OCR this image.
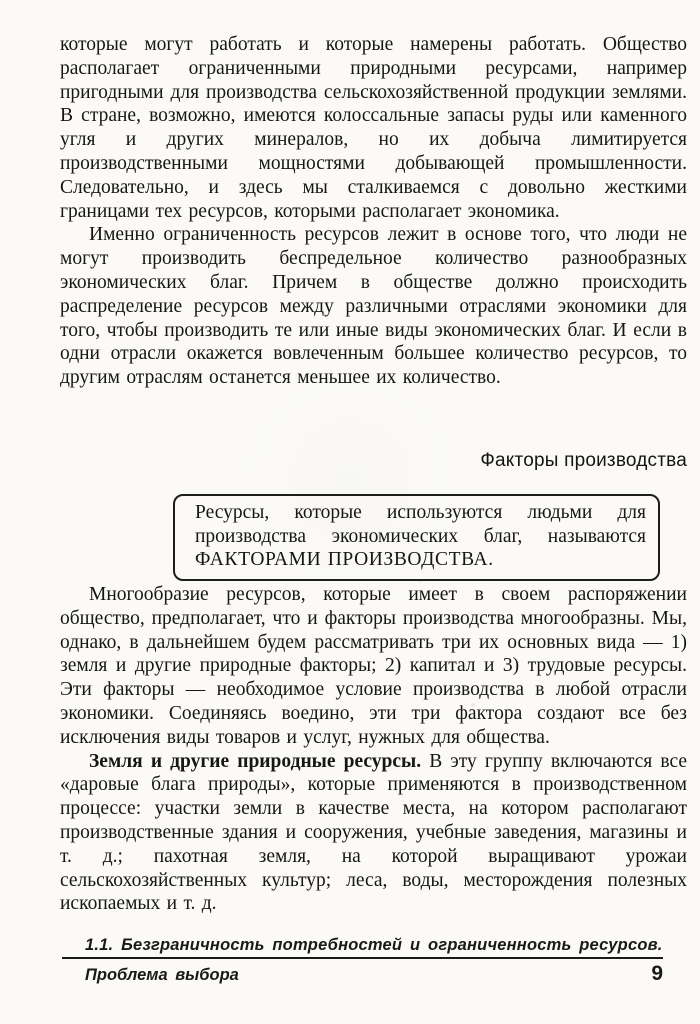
которые могут работать и которые намерены работать. Общество располагает ограниченными природными ресурсами, например пригодными для производства сельскохозяйственной продукции землями. В стране, возможно, имеются колоссальные запасы руды или каменного угля и других минералов, но их добыча лимитируется производственными мощностями добывающей промышленности. Следовательно, и здесь мы сталкиваемся с довольно жесткими границами тех ресурсов, которыми располагает экономика.

Именно ограниченность ресурсов лежит в основе того, что люди не могут производить беспредельное количество разнообразных экономических благ. Причем в обществе должно происходить распределение ресурсов между различными отраслями экономики для того, чтобы производить те или иные виды экономических благ. И если в одни отрасли окажется вовлеченным большее количество ресурсов, то другим отраслям останется меньшее их количество.

Факторы производства

Ресурсы, которые используются людьми для производства экономических благ, называются ФАКТОРАМИ ПРОИЗВОДСТВА.

Многообразие ресурсов, которые имеет в своем распоряжении общество, предполагает, что и факторы производства многообразны. Мы, однако, в дальнейшем будем рассматривать три их основных вида — 1) земля и другие природные факторы; 2) капитал и 3) трудовые ресурсы. Эти факторы — необходимое условие производства в любой отрасли экономики. Соединяясь воедино, эти три фактора создают все без исключения виды товаров и услуг, нужных для общества.

Земля и другие природные ресурсы. В эту группу включаются все «даровые блага природы», которые применяются в производственном процессе: участки земли в качестве места, на котором располагают производственные здания и сооружения, учебные заведения, магазины и т. д.; пахотная земля, на которой выращивают урожаи сельскохозяйственных культур; леса, воды, месторождения полезных ископаемых и т. д.

1.1. Безграничность потребностей и ограниченность ресурсов.
Проблема выбора	9
